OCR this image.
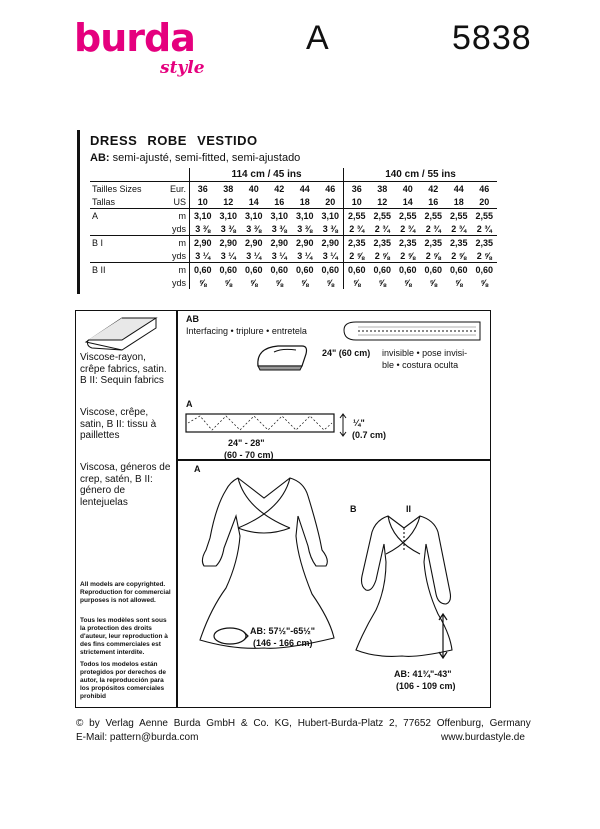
burda
style
A	5838
DRESS ROBE VESTIDO
AB: semi-ajusté, semi-fitted, semi-ajustado
		114 cm / 45 ins						140 cm / 55 ins					
Tailles Sizes	Eur.	36	38	40	42	44	46	36	38	40	42	44	46
Tallas	US	10	12	14	16	18	20	10	12	14	16	18	20
A	m	3,10	3,10	3,10	3,10	3,10	3,10	2,55	2,55	2,55	2,55	2,55	2,55
	yds	3 ⅜	3 ⅜	3 ⅜	3 ⅜	3 ⅜	3 ⅜	2 ¾	2 ¾	2 ¾	2 ¾	2 ¾	2 ¾
B I	m	2,90	2,90	2,90	2,90	2,90	2,90	2,35	2,35	2,35	2,35	2,35	2,35
	yds	3 ¼	3 ¼	3 ¼	3 ¼	3 ¼	3 ¼	2 ⅝	2 ⅝	2 ⅝	2 ⅝	2 ⅝	2 ⅝
B II	m	0,60	0,60	0,60	0,60	0,60	0,60	0,60	0,60	0,60	0,60	0,60	0,60
	yds	⅝	⅝	⅝	⅝	⅝	⅝	⅝	⅝	⅝	⅝	⅝	⅝
Viscose-rayon, crêpe fabrics, satin. B II: Sequin fabrics
Viscose, crêpe, satin, B II: tissu à paillettes
Viscosa, géneros de crep, satén, B II: género de lentejuelas
All models are copyrighted. Reproduction for commercial purposes is not allowed.
Tous les modèles sont sous la protection des droits d'auteur, leur reproduction à des fins commerciales est strictement interdite.
Todos los modelos están protegidos por derechos de autor, la reproducción para los propósitos comerciales prohibid
AB
Interfacing • triplure • entretela
24" (60 cm) invisible • pose invisi-
ble • costura oculta
A
¼"
(0.7 cm)
24" - 28"
(60 - 70 cm)
A
AB: 57½"-65½"
(146 - 166 cm)
B	II
AB: 41¾"-43"
(106 - 109 cm)
© by Verlag Aenne Burda GmbH & Co. KG, Hubert-Burda-Platz 2, 77652 Offenburg, Germany
E-Mail: pattern@burda.com	www.burdastyle.de
